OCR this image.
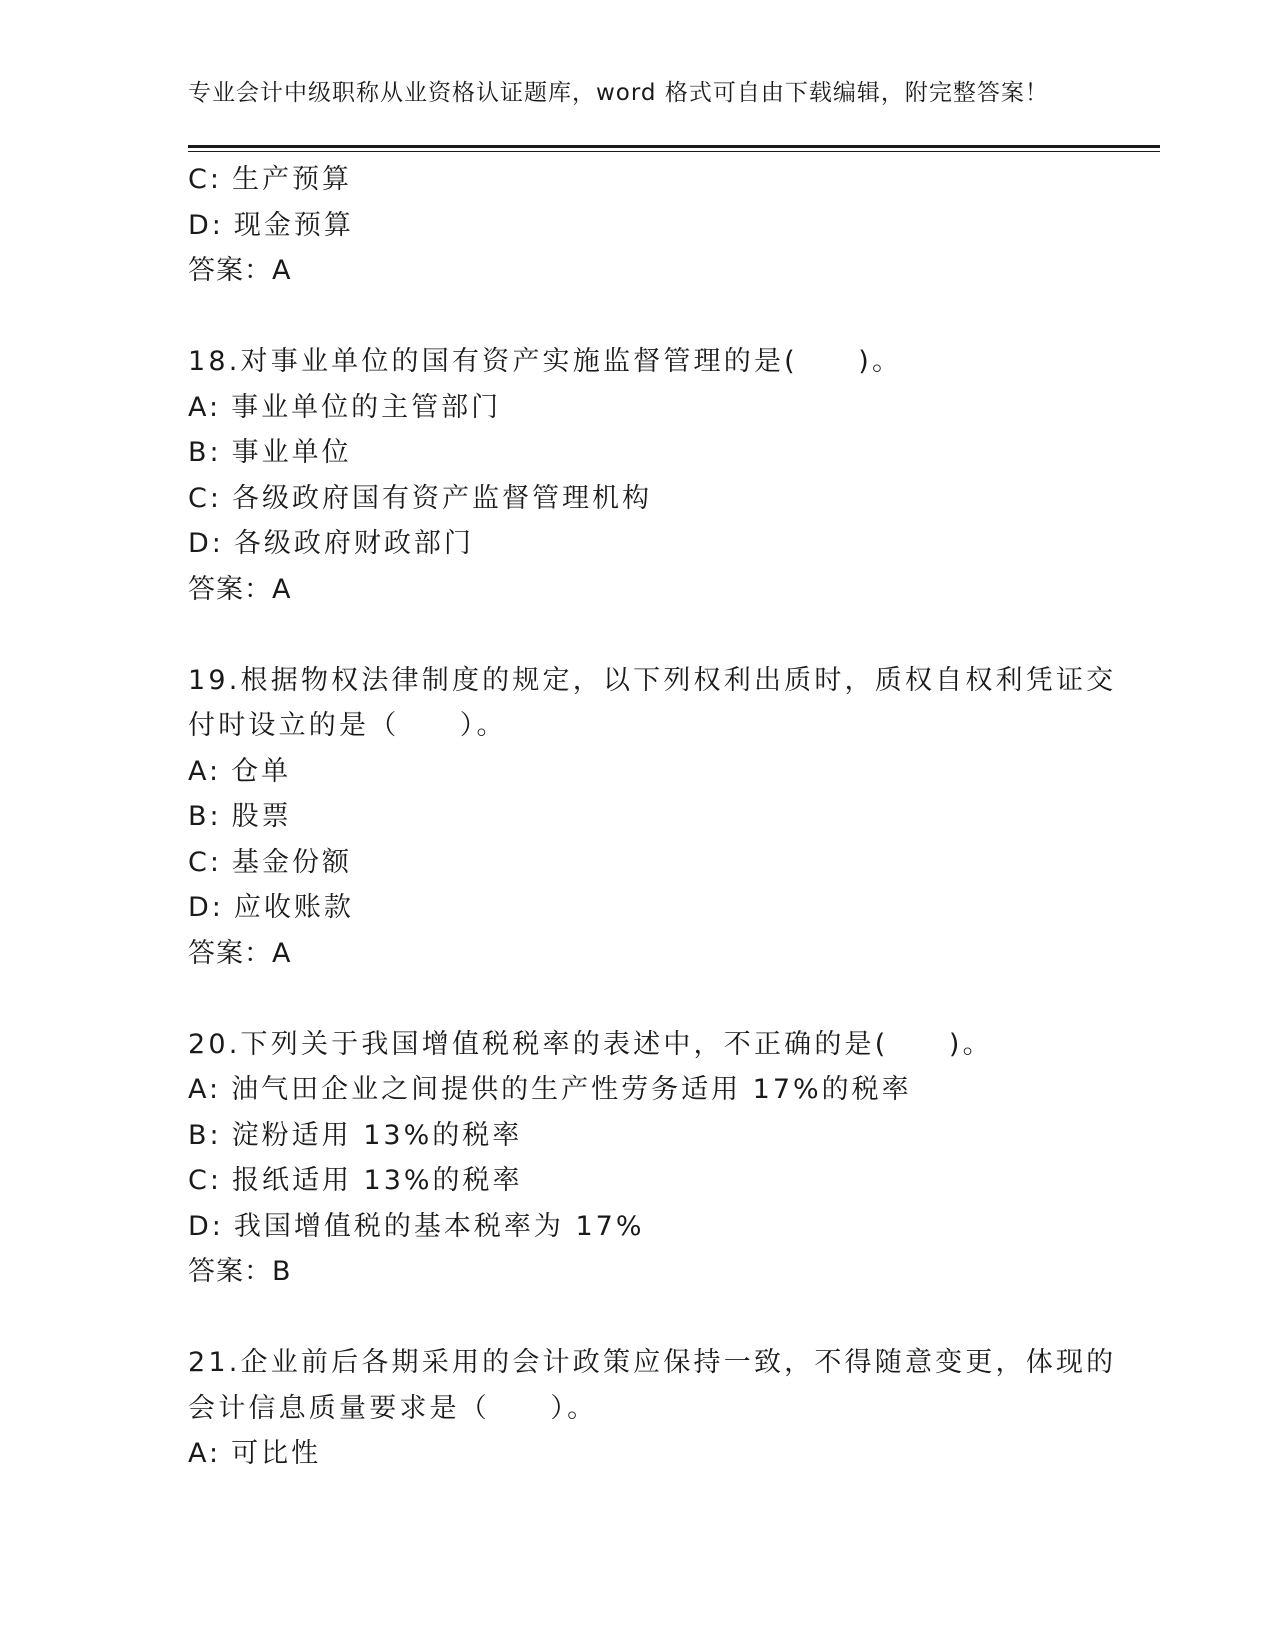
专业会计中级职称从业资格认证题库，word 格式可自由下载编辑，附完整答案！
C: 生产预算
D: 现金预算
答案：A
18.对事业单位的国有资产实施监督管理的是(　　)。
A: 事业单位的主管部门
B: 事业单位
C: 各级政府国有资产监督管理机构
D: 各级政府财政部门
答案：A
19.根据物权法律制度的规定，以下列权利出质时，质权自权利凭证交
付时设立的是（　　）。
A: 仓单
B: 股票
C: 基金份额
D: 应收账款
答案：A
20.下列关于我国增值税税率的表述中，不正确的是(　　)。
A: 油气田企业之间提供的生产性劳务适用 17%的税率
B: 淀粉适用 13%的税率
C: 报纸适用 13%的税率
D: 我国增值税的基本税率为 17%
答案：B
21.企业前后各期采用的会计政策应保持一致，不得随意变更，体现的
会计信息质量要求是（　　）。
A: 可比性
